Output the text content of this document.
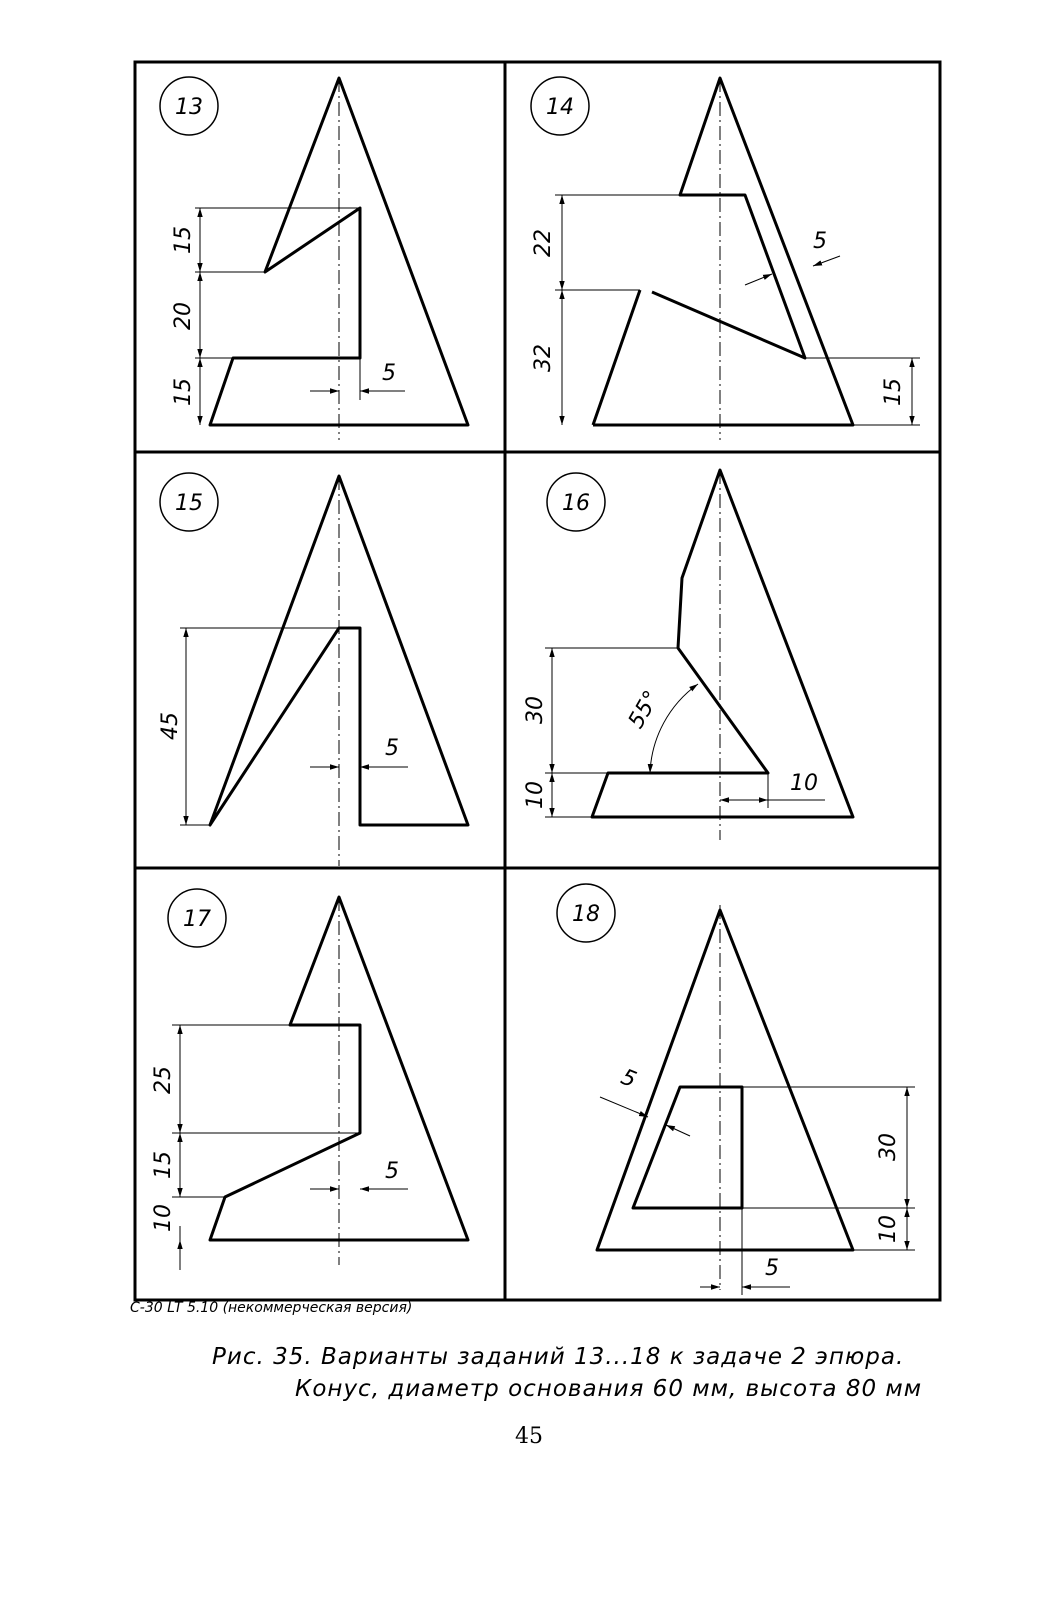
13
15
20
15
5
14
22
32
5
15
15
45
5
16
30
10
55°
10
17
25
15
10
5
18
5
30
10
5
С-30 LT 5.10 (некоммерческая версия)
Рис. 35. Варианты заданий 13...18 к задаче 2 эпюра.
Конус, диаметр основания 60 мм, высота 80 мм
45
